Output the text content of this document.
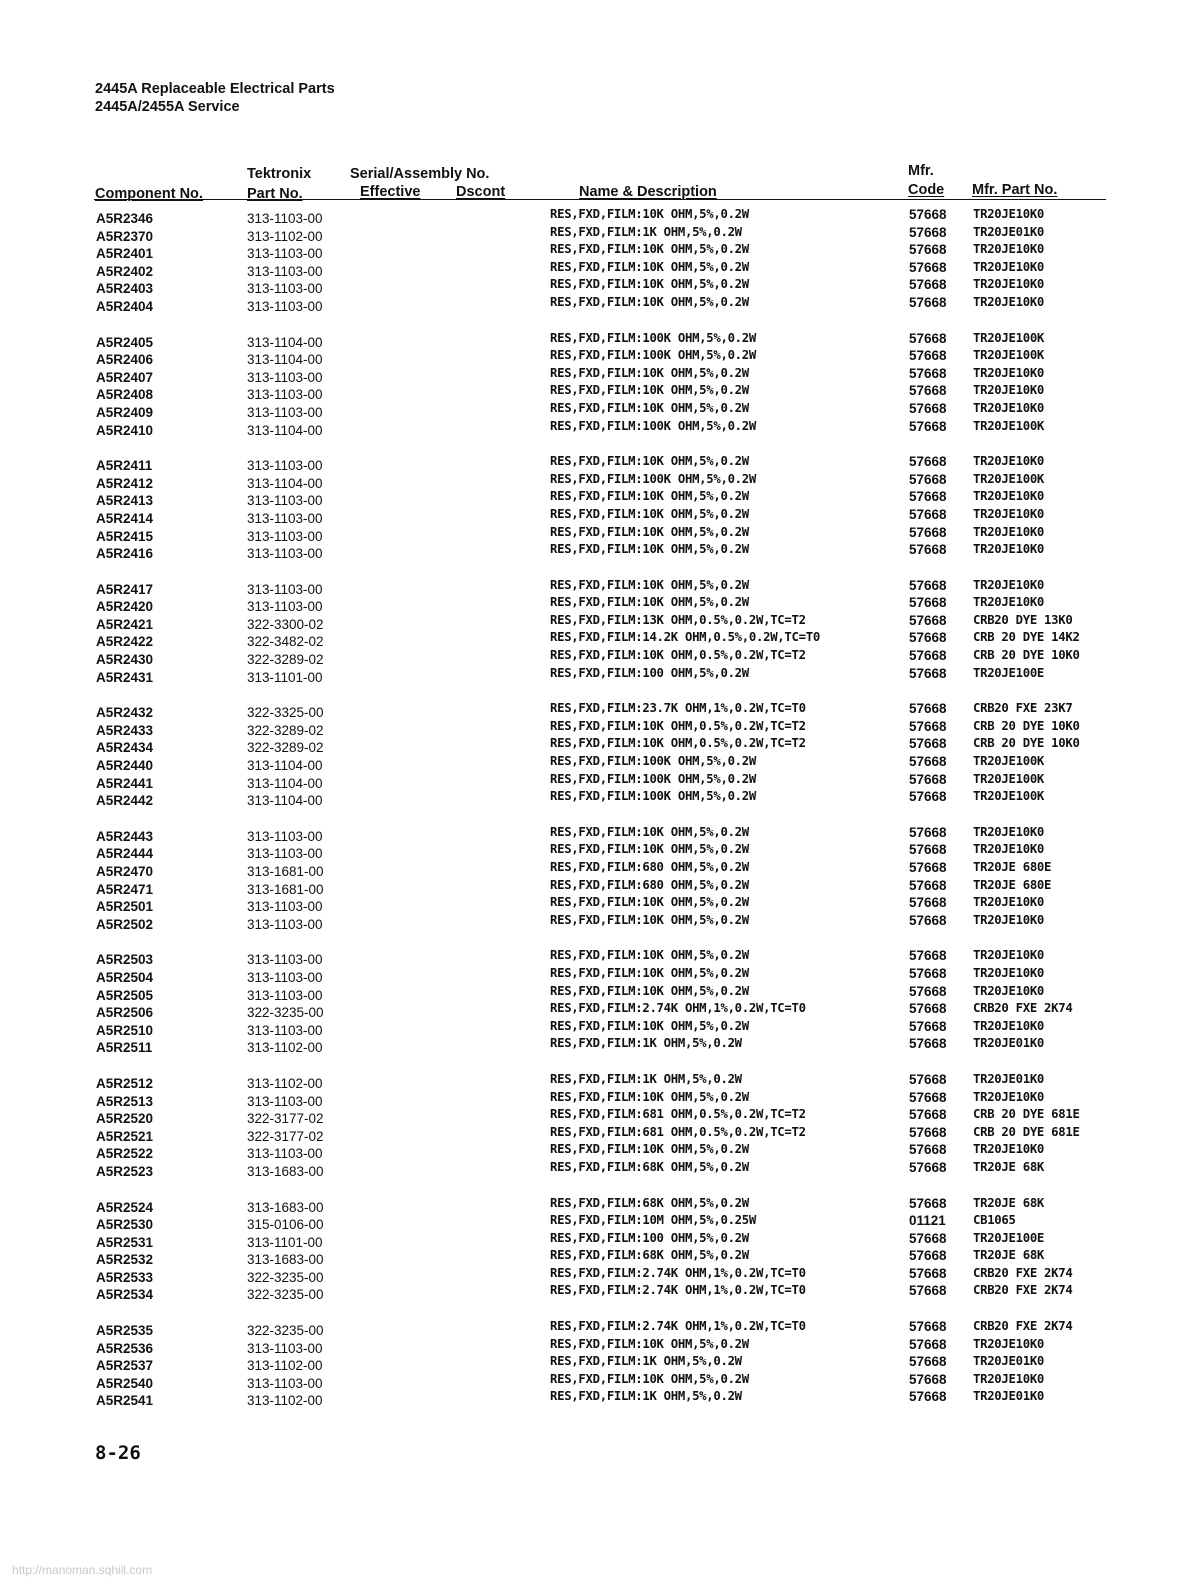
2445A Replaceable Electrical Parts
2445A/2455A Service
Tektronix	Serial/Assembly No.	Mfr.
Component No.	Part No.	Effective Dscont	Name & Description	Code Mfr. Part No.
A5R2346	313-1103-00	RES,FXD,FILM:10K OHM,5%,0.2W	57668 TR20JE10K0
A5R2370	313-1102-00	RES,FXD,FILM:1K OHM,5%,0.2W	57668 TR20JE01K0
A5R2401	313-1103-00	RES,FXD,FILM:10K OHM,5%,0.2W	57668 TR20JE10K0
A5R2402	313-1103-00	RES,FXD,FILM:10K OHM,5%,0.2W	57668 TR20JE10K0
A5R2403	313-1103-00	RES,FXD,FILM:10K OHM,5%,0.2W	57668 TR20JE10K0
A5R2404	313-1103-00	RES,FXD,FILM:10K OHM,5%,0.2W	57668 TR20JE10K0
A5R2405	313-1104-00	RES,FXD,FILM:100K OHM,5%,0.2W	57668 TR20JE100K
A5R2406	313-1104-00	RES,FXD,FILM:100K OHM,5%,0.2W	57668 TR20JE100K
A5R2407	313-1103-00	RES,FXD,FILM:10K OHM,5%,0.2W	57668 TR20JE10K0
A5R2408	313-1103-00	RES,FXD,FILM:10K OHM,5%,0.2W	57668 TR20JE10K0
A5R2409	313-1103-00	RES,FXD,FILM:10K OHM,5%,0.2W	57668 TR20JE10K0
A5R2410	313-1104-00	RES,FXD,FILM:100K OHM,5%,0.2W	57668 TR20JE100K
A5R2411	313-1103-00	RES,FXD,FILM:10K OHM,5%,0.2W	57668 TR20JE10K0
A5R2412	313-1104-00	RES,FXD,FILM:100K OHM,5%,0.2W	57668 TR20JE100K
A5R2413	313-1103-00	RES,FXD,FILM:10K OHM,5%,0.2W	57668 TR20JE10K0
A5R2414	313-1103-00	RES,FXD,FILM:10K OHM,5%,0.2W	57668 TR20JE10K0
A5R2415	313-1103-00	RES,FXD,FILM:10K OHM,5%,0.2W	57668 TR20JE10K0
A5R2416	313-1103-00	RES,FXD,FILM:10K OHM,5%,0.2W	57668 TR20JE10K0
A5R2417	313-1103-00	RES,FXD,FILM:10K OHM,5%,0.2W	57668 TR20JE10K0
A5R2420	313-1103-00	RES,FXD,FILM:10K OHM,5%,0.2W	57668 TR20JE10K0
A5R2421	322-3300-02	RES,FXD,FILM:13K OHM,0.5%,0.2W,TC=T2	57668 CRB20 DYE 13K0
A5R2422	322-3482-02	RES,FXD,FILM:14.2K OHM,0.5%,0.2W,TC=T0	57668 CRB 20 DYE 14K2
A5R2430	322-3289-02	RES,FXD,FILM:10K OHM,0.5%,0.2W,TC=T2	57668 CRB 20 DYE 10K0
A5R2431	313-1101-00	RES,FXD,FILM:100 OHM,5%,0.2W	57668 TR20JE100E
A5R2432	322-3325-00	RES,FXD,FILM:23.7K OHM,1%,0.2W,TC=T0	57668 CRB20 FXE 23K7
A5R2433	322-3289-02	RES,FXD,FILM:10K OHM,0.5%,0.2W,TC=T2	57668 CRB 20 DYE 10K0
A5R2434	322-3289-02	RES,FXD,FILM:10K OHM,0.5%,0.2W,TC=T2	57668 CRB 20 DYE 10K0
A5R2440	313-1104-00	RES,FXD,FILM:100K OHM,5%,0.2W	57668 TR20JE100K
A5R2441	313-1104-00	RES,FXD,FILM:100K OHM,5%,0.2W	57668 TR20JE100K
A5R2442	313-1104-00	RES,FXD,FILM:100K OHM,5%,0.2W	57668 TR20JE100K
A5R2443	313-1103-00	RES,FXD,FILM:10K OHM,5%,0.2W	57668 TR20JE10K0
A5R2444	313-1103-00	RES,FXD,FILM:10K OHM,5%,0.2W	57668 TR20JE10K0
A5R2470	313-1681-00	RES,FXD,FILM:680 OHM,5%,0.2W	57668 TR20JE 680E
A5R2471	313-1681-00	RES,FXD,FILM:680 OHM,5%,0.2W	57668 TR20JE 680E
A5R2501	313-1103-00	RES,FXD,FILM:10K OHM,5%,0.2W	57668 TR20JE10K0
A5R2502	313-1103-00	RES,FXD,FILM:10K OHM,5%,0.2W	57668 TR20JE10K0
A5R2503	313-1103-00	RES,FXD,FILM:10K OHM,5%,0.2W	57668 TR20JE10K0
A5R2504	313-1103-00	RES,FXD,FILM:10K OHM,5%,0.2W	57668 TR20JE10K0
A5R2505	313-1103-00	RES,FXD,FILM:10K OHM,5%,0.2W	57668 TR20JE10K0
A5R2506	322-3235-00	RES,FXD,FILM:2.74K OHM,1%,0.2W,TC=T0	57668 CRB20 FXE 2K74
A5R2510	313-1103-00	RES,FXD,FILM:10K OHM,5%,0.2W	57668 TR20JE10K0
A5R2511	313-1102-00	RES,FXD,FILM:1K OHM,5%,0.2W	57668 TR20JE01K0
A5R2512	313-1102-00	RES,FXD,FILM:1K OHM,5%,0.2W	57668 TR20JE01K0
A5R2513	313-1103-00	RES,FXD,FILM:10K OHM,5%,0.2W	57668 TR20JE10K0
A5R2520	322-3177-02	RES,FXD,FILM:681 OHM,0.5%,0.2W,TC=T2	57668 CRB 20 DYE 681E
A5R2521	322-3177-02	RES,FXD,FILM:681 OHM,0.5%,0.2W,TC=T2	57668 CRB 20 DYE 681E
A5R2522	313-1103-00	RES,FXD,FILM:10K OHM,5%,0.2W	57668 TR20JE10K0
A5R2523	313-1683-00	RES,FXD,FILM:68K OHM,5%,0.2W	57668 TR20JE 68K
A5R2524	313-1683-00	RES,FXD,FILM:68K OHM,5%,0.2W	57668 TR20JE 68K
A5R2530	315-0106-00	RES,FXD,FILM:10M OHM,5%,0.25W	01121 CB1065
A5R2531	313-1101-00	RES,FXD,FILM:100 OHM,5%,0.2W	57668 TR20JE100E
A5R2532	313-1683-00	RES,FXD,FILM:68K OHM,5%,0.2W	57668 TR20JE 68K
A5R2533	322-3235-00	RES,FXD,FILM:2.74K OHM,1%,0.2W,TC=T0	57668 CRB20 FXE 2K74
A5R2534	322-3235-00	RES,FXD,FILM:2.74K OHM,1%,0.2W,TC=T0	57668 CRB20 FXE 2K74
A5R2535	322-3235-00	RES,FXD,FILM:2.74K OHM,1%,0.2W,TC=T0	57668 CRB20 FXE 2K74
A5R2536	313-1103-00	RES,FXD,FILM:10K OHM,5%,0.2W	57668 TR20JE10K0
A5R2537	313-1102-00	RES,FXD,FILM:1K OHM,5%,0.2W	57668 TR20JE01K0
A5R2540	313-1103-00	RES,FXD,FILM:10K OHM,5%,0.2W	57668 TR20JE10K0
A5R2541	313-1102-00	RES,FXD,FILM:1K OHM,5%,0.2W	57668 TR20JE01K0
8-26
http://manoman.sqhill.com
